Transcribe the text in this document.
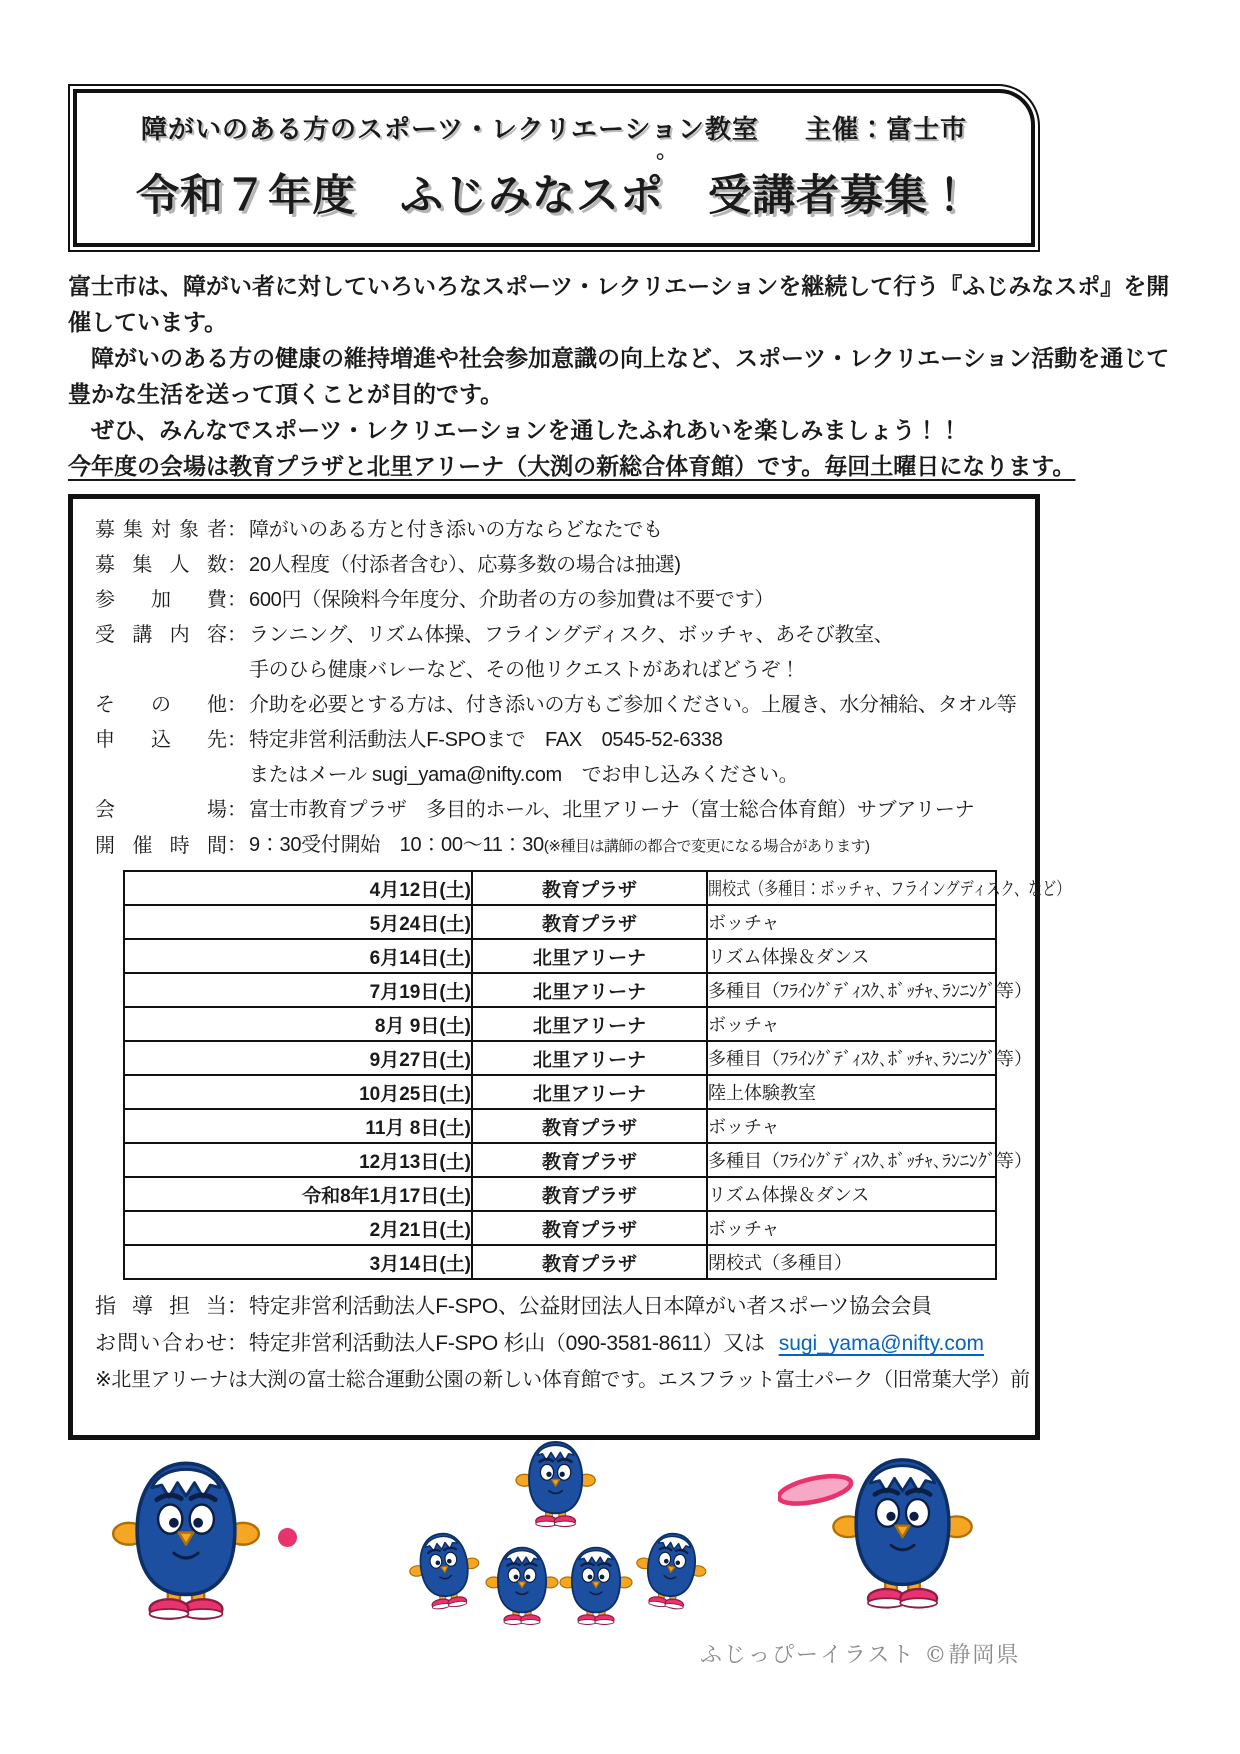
障がいのある方のスポーツ・レクリエーション教室 主催：富士市
令和７年度　ふじみなス
°
ポ　受講者募集！

富士市は、障がい者に対していろいろなスポーツ・レクリエーションを継続して行う『ふじみなスポ』を開催しています。

　障がいのある方の健康の維持増進や社会参加意識の向上など、スポーツ・レクリエーション活動を通じて豊かな生活を送って頂くことが目的です。

　ぜひ、みんなでスポーツ・レクリエーションを通したふれあいを楽しみましょう！！

今年度の会場は教育プラザと北里アリーナ（大渕の新総合体育館）です。毎回土曜日になります。

募集対象者： 障がいのある方と付き添いの方ならどなたでも
募集人数： 20人程度（付添者含む）、応募多数の場合は抽選)
参加費： 600円（保険料今年度分、介助者の方の参加費は不要です）
受講内容： ランニング、リズム体操、フライングディスク、ボッチャ、あそび教室、
手のひら健康バレーなど、その他リクエストがあればどうぞ！
その他： 介助を必要とする方は、付き添いの方もご参加ください。上履き、水分補給、タオル等
申込先： 特定非営利活動法人F-SPOまで　FAX　0545-52-6338
またはメール sugi_yama@nifty.com　でお申し込みください。
会場： 富士市教育プラザ　多目的ホール、北里アリーナ（富士総合体育館）サブアリーナ
開催時間： 9：30受付開始　10：00～11：30(※種目は講師の都合で変更になる場合があります)
4月12日(土)	教育プラザ	開校式（多種目：ボッチャ、フライングディスク、など）
5月24日(土)	教育プラザ	ボッチャ
6月14日(土)	北里アリーナ	リズム体操＆ダンス
7月19日(土)	北里アリーナ	多種目（ﾌﾗｲﾝｸﾞﾃﾞｨｽｸ､ﾎﾞｯﾁｬ､ﾗﾝﾆﾝｸﾞ等）
8月 9日(土)	北里アリーナ	ボッチャ
9月27日(土)	北里アリーナ	多種目（ﾌﾗｲﾝｸﾞﾃﾞｨｽｸ､ﾎﾞｯﾁｬ､ﾗﾝﾆﾝｸﾞ等）
10月25日(土)	北里アリーナ	陸上体験教室
11月 8日(土)	教育プラザ	ボッチャ
12月13日(土)	教育プラザ	多種目（ﾌﾗｲﾝｸﾞﾃﾞｨｽｸ､ﾎﾞｯﾁｬ､ﾗﾝﾆﾝｸﾞ等）
令和8年1月17日(土)	教育プラザ	リズム体操＆ダンス
2月21日(土)	教育プラザ	ボッチャ
3月14日(土)	教育プラザ	閉校式（多種目）
指導担当：特定非営利活動法人F-SPO、公益財団法人日本障がい者スポーツ協会会員
お問い合わせ：特定非営利活動法人F-SPO 杉山（090-3581-8611）又は sugi_yama@nifty.com
※北里アリーナは大渕の富士総合運動公園の新しい体育館です。エスフラット富士パーク（旧常葉大学）前
ふじっぴーイラスト ©静岡県
